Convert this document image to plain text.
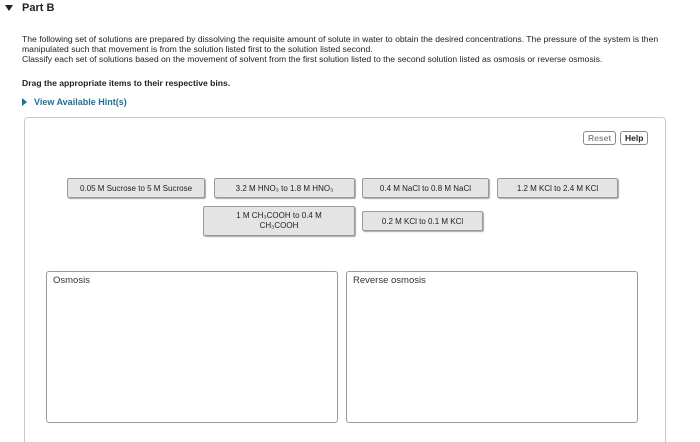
Part B

The following set of solutions are prepared by dissolving the requisite amount of solute in water to obtain the desired concentrations. The pressure of the system is then manipulated such that movement is from the solution listed first to the solution listed second.

Classify each set of solutions based on the movement of solvent from the first solution listed to the second solution listed as osmosis or reverse osmosis.

Drag the appropriate items to their respective bins.
View Available Hint(s)
Reset	Help
0.05 M Sucrose to 5 M Sucrose	3.2 M HNO₃ to 1.8 M HNO₃	0.4 M NaCl to 0.8 M NaCl	1.2 M KCl to 2.4 M KCl
1 M CH₃COOH to 0.4 M CH₃COOH	0.2 M KCl to 0.1 M KCl
Osmosis	Reverse osmosis
